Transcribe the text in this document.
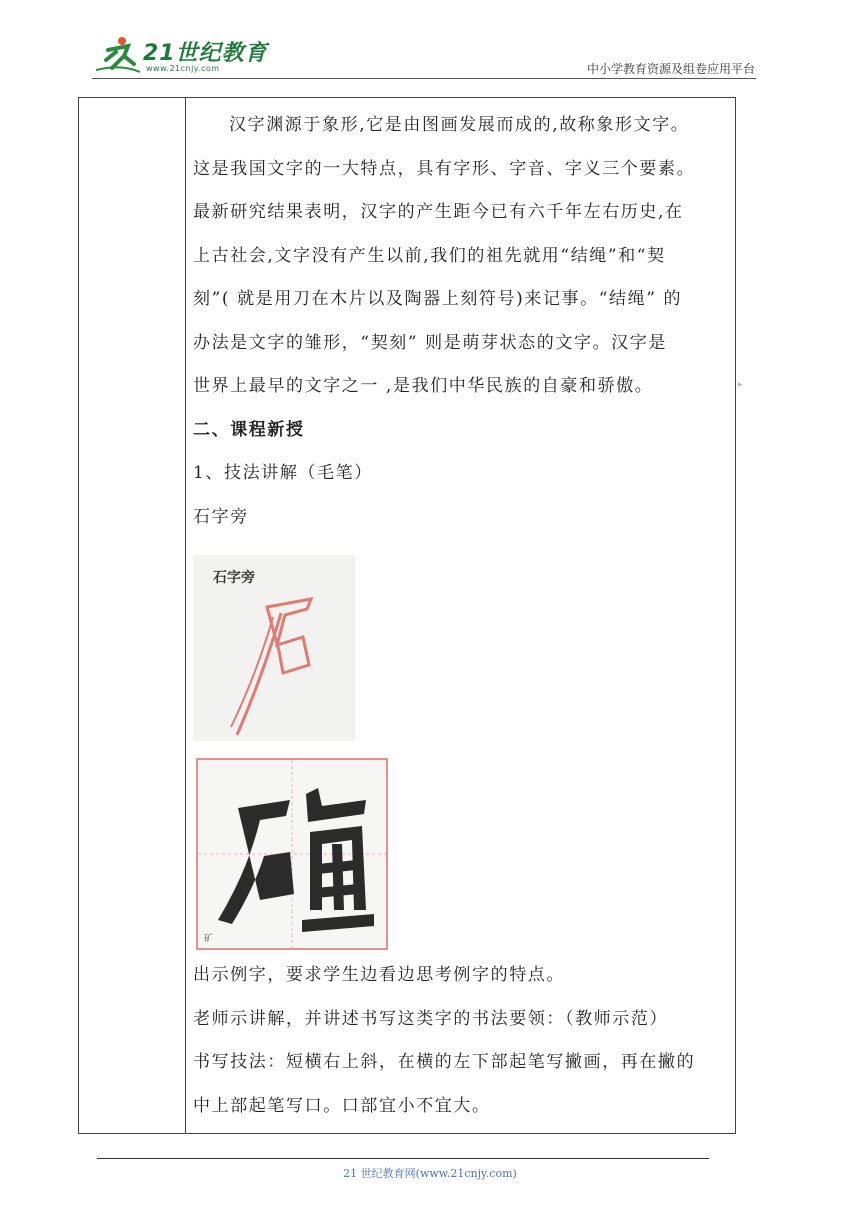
21世纪教育
www.21cnjy.com	中小学教育资源及组卷应用平台

汉字渊源于象形,它是由图画发展而成的,故称象形文字。

这是我国文字的一大特点，具有字形、字音、字义三个要素。

最新研究结果表明，汉字的产生距今已有六千年左右历史,在

上古社会,文字没有产生以前,我们的祖先就用“结绳”和“契

刻”( 就是用刀在木片以及陶器上刻符号)来记事。“结绳” 的

办法是文字的雏形，“契刻” 则是萌芽状态的文字。汉字是

世界上最早的文字之一 ,是我们中华民族的自豪和骄傲。

二、课程新授

1、技法讲解（毛笔）

石字旁

石字旁
矿

出示例字，要求学生边看边思考例字的特点。

老师示讲解，并讲述书写这类字的书法要领：（教师示范）

书写技法：短横右上斜，在横的左下部起笔写撇画，再在撇的

中上部起笔写口。口部宜小不宜大。

▸
21 世纪教育网(www.21cnjy.com)
